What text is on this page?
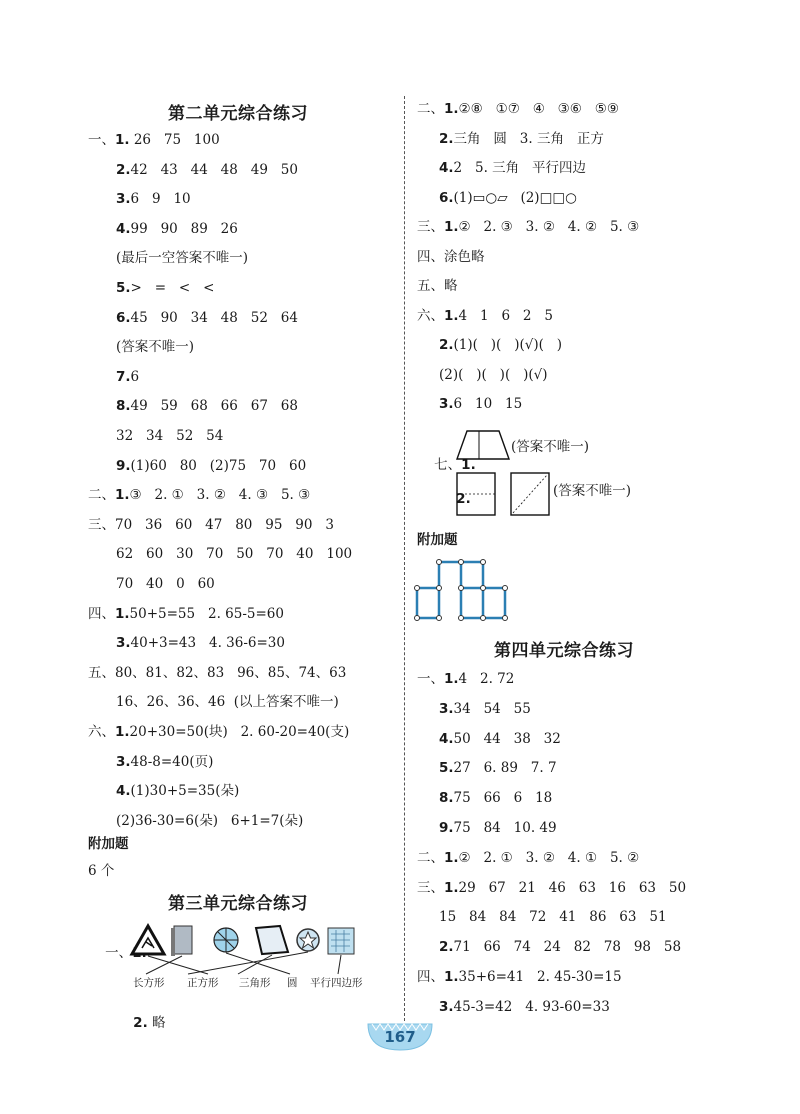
第二单元综合练习
一、1. 26   75   100
2.42   43   44   48   49   50
3.6   9   10
4.99   90   89   26
(最后一空答案不唯一)
5.>   =   <   <
6.45   90   34   48   52   64
(答案不唯一)
7.6
8.49   59   68   66   67   68
32   34   52   54
9.(1)60   80   (2)75   70   60
二、1.③   2. ①   3. ②   4. ③   5. ③
三、70   36   60   47   80   95   90   3
62   60   30   70   50   70   40   100
70   40   0   60
四、1.50+5=55   2. 65-5=60
3.40+3=43   4. 36-6=30
五、80、81、82、83   96、85、74、63
16、26、36、46  (以上答案不唯一)
六、1.20+30=50(块)   2. 60-20=40(支)
3.48-8=40(页)
4.(1)30+5=35(朵)
(2)36-30=6(朵)   6+1=7(朵)
附加题
6 个
第三单元综合练习

一、

长方形 正方形 三角形 圆 平行四边形

2. 略

二、1.②⑧   ①⑦   ④   ③⑥   ⑤⑨
2.三角   圆   3. 三角   正方
4.2   5. 三角   平行四边
6.(1)▭○▱   (2)□□○
三、1.②   2. ③   3. ②   4. ②   5. ③
四、涂色略
五、略
六、1.4   1   6   2   5
2.(1)(   )(   )(√)(   )
(2)(   )(   )(   )(√)
3.6   10   15

七、1.

(答案不唯一)

2.
	(答案不唯一)
附加题
第四单元综合练习
一、1.4   2. 72
3.34   54   55
4.50   44   38   32
5.27   6. 89   7. 7
8.75   66   6   18
9.75   84   10. 49
二、1.②   2. ①   3. ②   4. ①   5. ②
三、1.29   67   21   46   63   16   63   50
15   84   84   72   41   86   63   51
2.71   66   74   24   82   78   98   58
四、1.35+6=41   2. 45-30=15
3.45-3=42   4. 93-60=33
167
